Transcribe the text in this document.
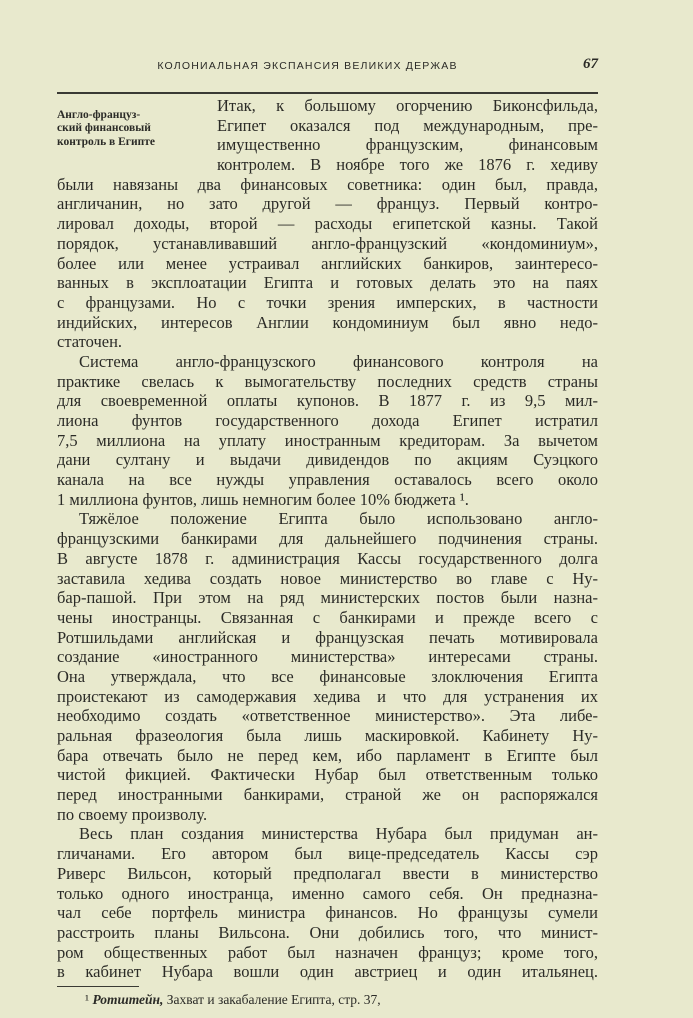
КОЛОНИАЛЬНАЯ ЭКСПАНСИЯ ВЕЛИКИХ ДЕРЖАВ	67
Англо-француз-
ский финансовый
контроль в Египте
Итак, к большому огорчению Биконсфильда,
Египет оказался под международным, пре-
имущественно французским, финансовым
контролем. В ноябре того же 1876 г. хедиву
были навязаны два финансовых советника: один был, правда,
англичанин, но зато другой — француз. Первый контро-
лировал доходы, второй — расходы египетской казны. Такой
порядок, устанавливавший англо-французский «кондоминиум»,
более или менее устраивал английских банкиров, заинтересо-
ванных в эксплоатации Египта и готовых делать это на паях
с французами. Но с точки зрения имперских, в частности
индийских, интересов Англии кондоминиум был явно недо-
статочен.
Система англо-французского финансового контроля на
практике свелась к вымогательству последних средств страны
для своевременной оплаты купонов. В 1877 г. из 9,5 мил-
лиона фунтов государственного дохода Египет истратил
7,5 миллиона на уплату иностранным кредиторам. За вычетом
дани султану и выдачи дивидендов по акциям Суэцкого
канала на все нужды управления оставалось всего около
1 миллиона фунтов, лишь немногим более 10% бюджета ¹.
Тяжёлое положение Египта было использовано англо-
французскими банкирами для дальнейшего подчинения страны.
В августе 1878 г. администрация Кассы государственного долга
заставила хедива создать новое министерство во главе с Ну-
бар-пашой. При этом на ряд министерских постов были назна-
чены иностранцы. Связанная с банкирами и прежде всего с
Ротшильдами английская и французская печать мотивировала
создание «иностранного министерства» интересами страны.
Она утверждала, что все финансовые злоключения Египта
проистекают из самодержавия хедива и что для устранения их
необходимо создать «ответственное министерство». Эта либе-
ральная фразеология была лишь маскировкой. Кабинету Ну-
бара отвечать было не перед кем, ибо парламент в Египте был
чистой фикцией. Фактически Нубар был ответственным только
перед иностранными банкирами, страной же он распоряжался
по своему произволу.
Весь план создания министерства Нубара был придуман ан-
гличанами. Его автором был вице-председатель Кассы сэр
Риверс Вильсон, который предполагал ввести в министерство
только одного иностранца, именно самого себя. Он предназна-
чал себе портфель министра финансов. Но французы сумели
расстроить планы Вильсона. Они добились того, что минист-
ром общественных работ был назначен француз; кроме того,
в кабинет Нубара вошли один австриец и один итальянец.
¹ Ротштейн, Захват и закабаление Египта, стр. 37,
